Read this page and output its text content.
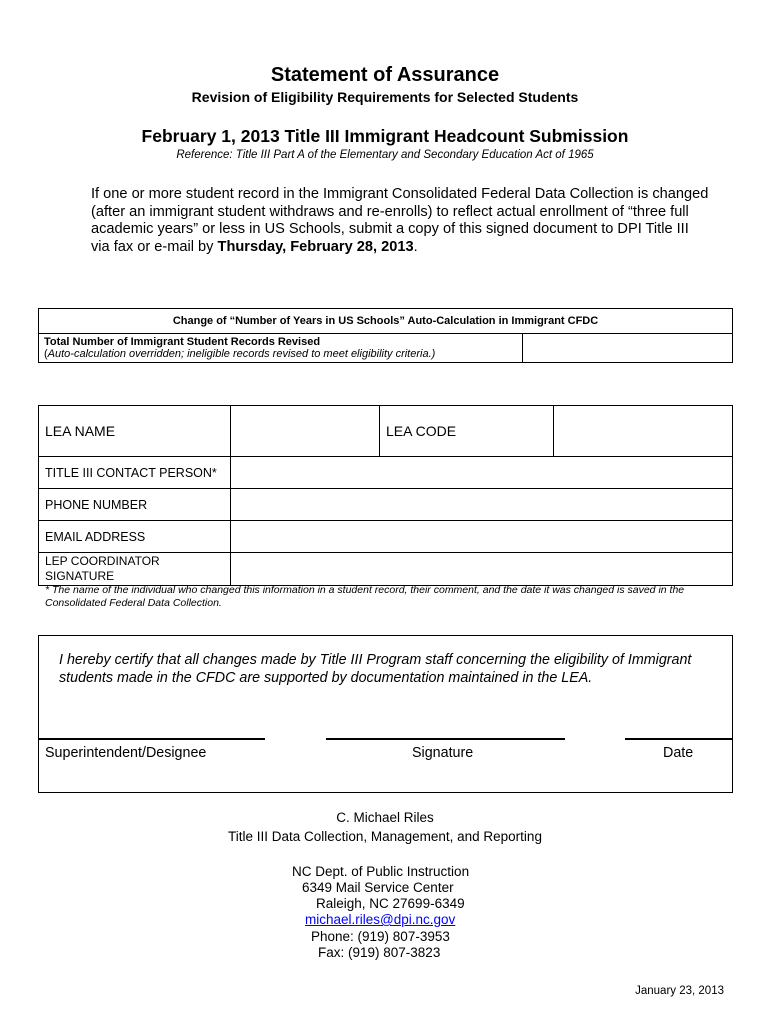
Statement of Assurance
Revision of Eligibility Requirements for Selected Students
February 1, 2013 Title III Immigrant Headcount Submission
Reference: Title III Part A of the Elementary and Secondary Education Act of 1965
If one or more student record in the Immigrant Consolidated Federal Data Collection is changed (after an immigrant student withdraws and re-enrolls) to reflect actual enrollment of “three full academic years” or less in US Schools, submit a copy of this signed document to DPI Title III via fax or e-mail by Thursday, February 28, 2013.
Change of “Number of Years in US Schools” Auto-Calculation in Immigrant CFDC
Total Number of Immigrant Student Records Revised
(Auto-calculation overridden; ineligible records revised to meet eligibility criteria.)	
LEA NAME		LEA CODE	
TITLE III CONTACT PERSON*			
PHONE NUMBER			
EMAIL ADDRESS			
LEP COORDINATOR
SIGNATURE			
* The name of the individual who changed this information in a student record, their comment, and the date it was changed is saved in the Consolidated Federal Data Collection.
I hereby certify that all changes made by Title III Program staff concerning the eligibility of Immigrant students made in the CFDC are supported by documentation maintained in the LEA.
Superintendent/Designee	Signature	Date
C. Michael Riles
Title III Data Collection, Management, and Reporting
NC Dept. of Public Instruction
6349 Mail Service Center
Raleigh, NC 27699-6349
michael.riles@dpi.nc.gov
Phone: (919) 807-3953
Fax: (919) 807-3823
January 23, 2013
